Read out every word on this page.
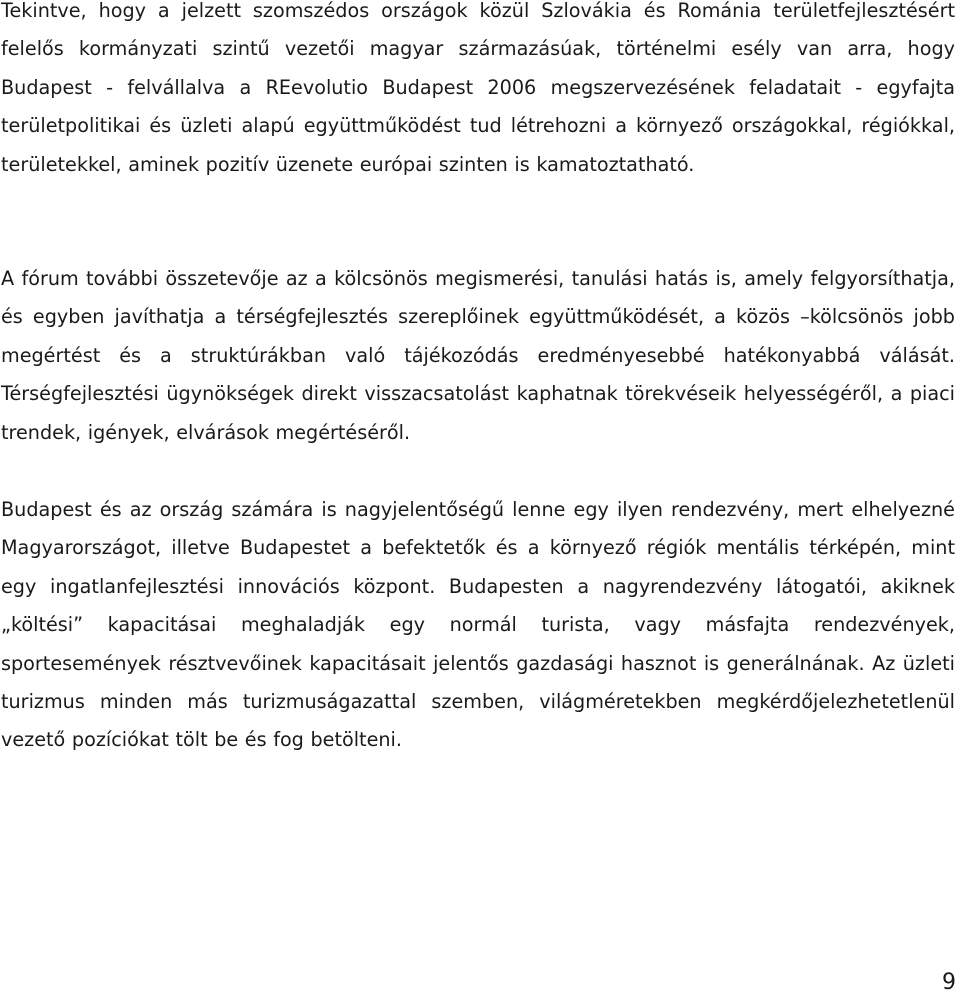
Tekintve, hogy a jelzett szomszédos országok közül Szlovákia és Románia területfejlesztésért felelős kormányzati szintű vezetői magyar származásúak, történelmi esély van arra, hogy Budapest - felvállalva a REevolutio Budapest 2006 megszervezésének feladatait - egyfajta területpolitikai és üzleti alapú együttműködést tud létrehozni a környező országokkal, régiókkal, területekkel, aminek pozitív üzenete európai szinten is kamatoztatható.

A fórum további összetevője az a kölcsönös megismerési, tanulási hatás is, amely felgyorsíthatja, és egyben javíthatja a térségfejlesztés szereplőinek együttműködését, a közös –kölcsönös jobb megértést és a struktúrákban való tájékozódás eredményesebbé hatékonyabbá válását. Térségfejlesztési ügynökségek direkt visszacsatolást kaphatnak törekvéseik helyességéről, a piaci trendek, igények, elvárások megértéséről.

Budapest és az ország számára is nagyjelentőségű lenne egy ilyen rendezvény, mert elhelyezné Magyarországot, illetve Budapestet a befektetők és a környező régiók mentális térképén, mint egy ingatlanfejlesztési innovációs központ. Budapesten a nagyrendezvény látogatói, akiknek „költési” kapacitásai meghaladják egy normál turista, vagy másfajta rendezvények, sportesemények résztvevőinek kapacitásait jelentős gazdasági hasznot is generálnának. Az üzleti turizmus minden más turizmuságazattal szemben, világméretekben megkérdőjelezhetetlenül vezető pozíciókat tölt be és fog betölteni.

9
